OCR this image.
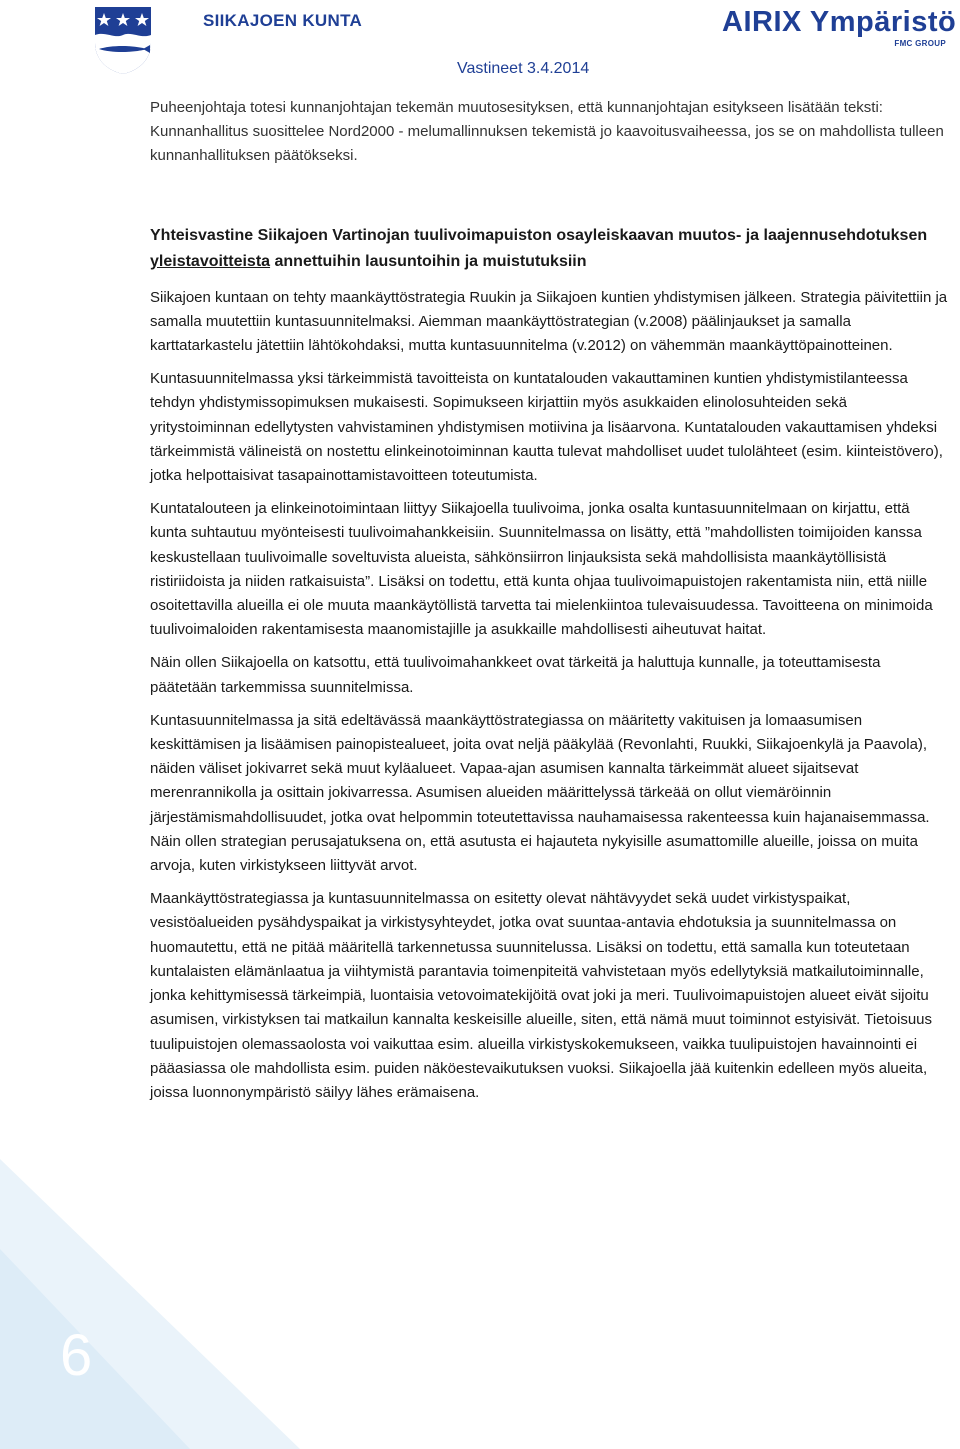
6
SIIKAJOEN KUNTA	AIRIX Ympäristö
FMC GROUP
Vastineet 3.4.2014

Puheenjohtaja totesi kunnanjohtajan tekemän muutosesityksen, että kunnanjohtajan esitykseen lisätään teksti: Kunnanhallitus suosittelee Nord2000 - melumallinnuksen tekemistä jo kaavoitusvaiheessa, jos se on mahdollista tulleen kunnanhallituksen päätökseksi.

Yhteisvastine Siikajoen Vartinojan tuulivoimapuiston osayleiskaavan muutos- ja laajennusehdotuksen yleistavoitteista annettuihin lausuntoihin ja muistutuksiin

Siikajoen kuntaan on tehty maankäyttöstrategia Ruukin ja Siikajoen kuntien yhdistymisen jälkeen. Strategia päivitettiin ja samalla muutettiin kuntasuunnitelmaksi. Aiemman maankäyttöstrategian (v.2008) päälinjaukset ja samalla karttatarkastelu jätettiin lähtökohdaksi, mutta kuntasuunnitelma (v.2012) on vähemmän maankäyttöpainotteinen.

Kuntasuunnitelmassa yksi tärkeimmistä tavoitteista on kuntatalouden vakauttaminen kuntien yhdistymistilanteessa tehdyn yhdistymissopimuksen mukaisesti. Sopimukseen kirjattiin myös asukkaiden elinolosuhteiden sekä yritystoiminnan edellytysten vahvistaminen yhdistymisen motiivina ja lisäarvona. Kuntatalouden vakauttamisen yhdeksi tärkeimmistä välineistä on nostettu elinkeinotoiminnan kautta tulevat mahdolliset uudet tulolähteet (esim. kiinteistövero), jotka helpottaisivat tasapainottamistavoitteen toteutumista.

Kuntatalouteen ja elinkeinotoimintaan liittyy Siikajoella tuulivoima, jonka osalta kuntasuunnitelmaan on kirjattu, että kunta suhtautuu myönteisesti tuulivoimahankkeisiin. Suunnitelmassa on lisätty, että ”mahdollisten toimijoiden kanssa keskustellaan tuulivoimalle soveltuvista alueista, sähkönsiirron linjauksista sekä mahdollisista maankäytöllisistä ristiriidoista ja niiden ratkaisuista”. Lisäksi on todettu, että kunta ohjaa tuulivoimapuistojen rakentamista niin, että niille osoitettavilla alueilla ei ole muuta maankäytöllistä tarvetta tai mielenkiintoa tulevaisuudessa. Tavoitteena on minimoida tuulivoimaloiden rakentamisesta maanomistajille ja asukkaille mahdollisesti aiheutuvat haitat.

Näin ollen Siikajoella on katsottu, että tuulivoimahankkeet ovat tärkeitä ja haluttuja kunnalle, ja toteuttamisesta päätetään tarkemmissa suunnitelmissa.

Kuntasuunnitelmassa ja sitä edeltävässä maankäyttöstrategiassa on määritetty vakituisen ja lomaasumisen keskittämisen ja lisäämisen painopistealueet, joita ovat neljä pääkylää (Revonlahti, Ruukki, Siikajoenkylä ja Paavola), näiden väliset jokivarret sekä muut kyläalueet. Vapaa-ajan asumisen kannalta tärkeimmät alueet sijaitsevat merenrannikolla ja osittain jokivarressa. Asumisen alueiden määrittelyssä tärkeää on ollut viemäröinnin järjestämismahdollisuudet, jotka ovat helpommin toteutettavissa nauhamaisessa rakenteessa kuin hajanaisemmassa. Näin ollen strategian perusajatuksena on, että asutusta ei hajauteta nykyisille asumattomille alueille, joissa on muita arvoja, kuten virkistykseen liittyvät arvot.

Maankäyttöstrategiassa ja kuntasuunnitelmassa on esitetty olevat nähtävyydet sekä uudet virkistyspaikat, vesistöalueiden pysähdyspaikat ja virkistysyhteydet, jotka ovat suuntaa-antavia ehdotuksia ja suunnitelmassa on huomautettu, että ne pitää määritellä tarkennetussa suunnitelussa. Lisäksi on todettu, että samalla kun toteutetaan kuntalaisten elämänlaatua ja viihtymistä parantavia toimenpiteitä vahvistetaan myös edellytyksiä matkailutoiminnalle, jonka kehittymisessä tärkeimpiä, luontaisia vetovoimatekijöitä ovat joki ja meri. Tuulivoimapuistojen alueet eivät sijoitu asumisen, virkistyksen tai matkailun kannalta keskeisille alueille, siten, että nämä muut toiminnot estyisivät. Tietoisuus tuulipuistojen olemassaolosta voi vaikuttaa esim. alueilla virkistyskokemukseen, vaikka tuulipuistojen havainnointi ei pääasiassa ole mahdollista esim. puiden näköestevaikutuksen vuoksi. Siikajoella jää kuitenkin edelleen myös alueita, joissa luonnonympäristö säilyy lähes erämaisena.
